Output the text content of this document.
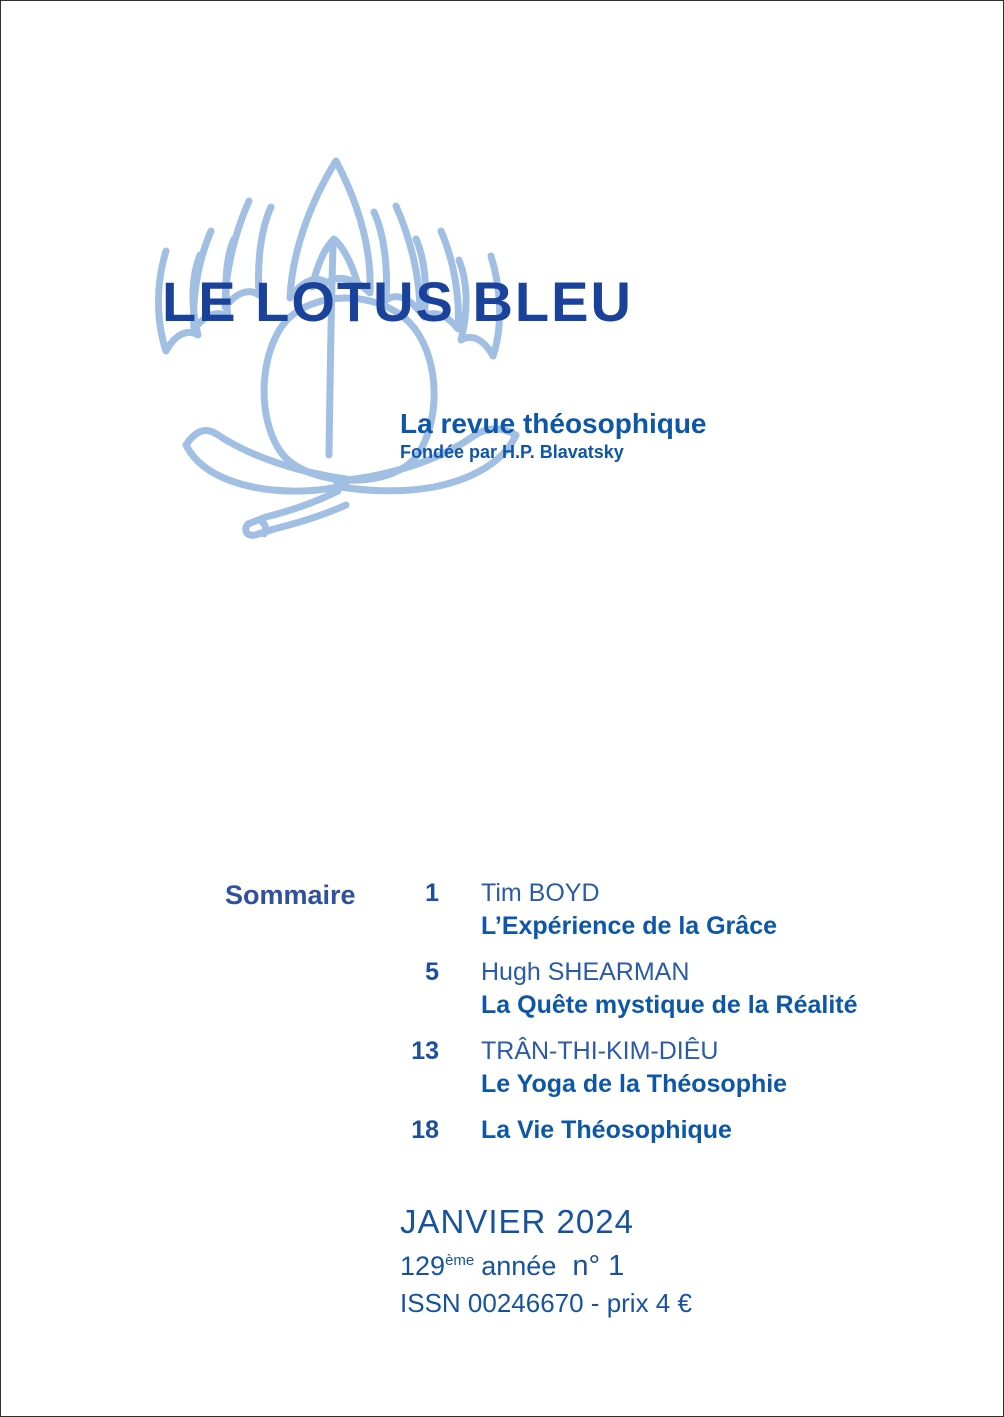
LE LOTUS BLEU
La revue théosophique
Fondée par H.P. Blavatsky
Sommaire	1 Tim BOYD
L’Expérience de la Grâce
5 Hugh SHEARMAN
La Quête mystique de la Réalité
13 TRÂN-THI-KIM-DIÊU
Le Yoga de la Théosophie
18 La Vie Théosophique
JANVIER 2024
129ème année n° 1
ISSN 00246670 - prix 4 €
